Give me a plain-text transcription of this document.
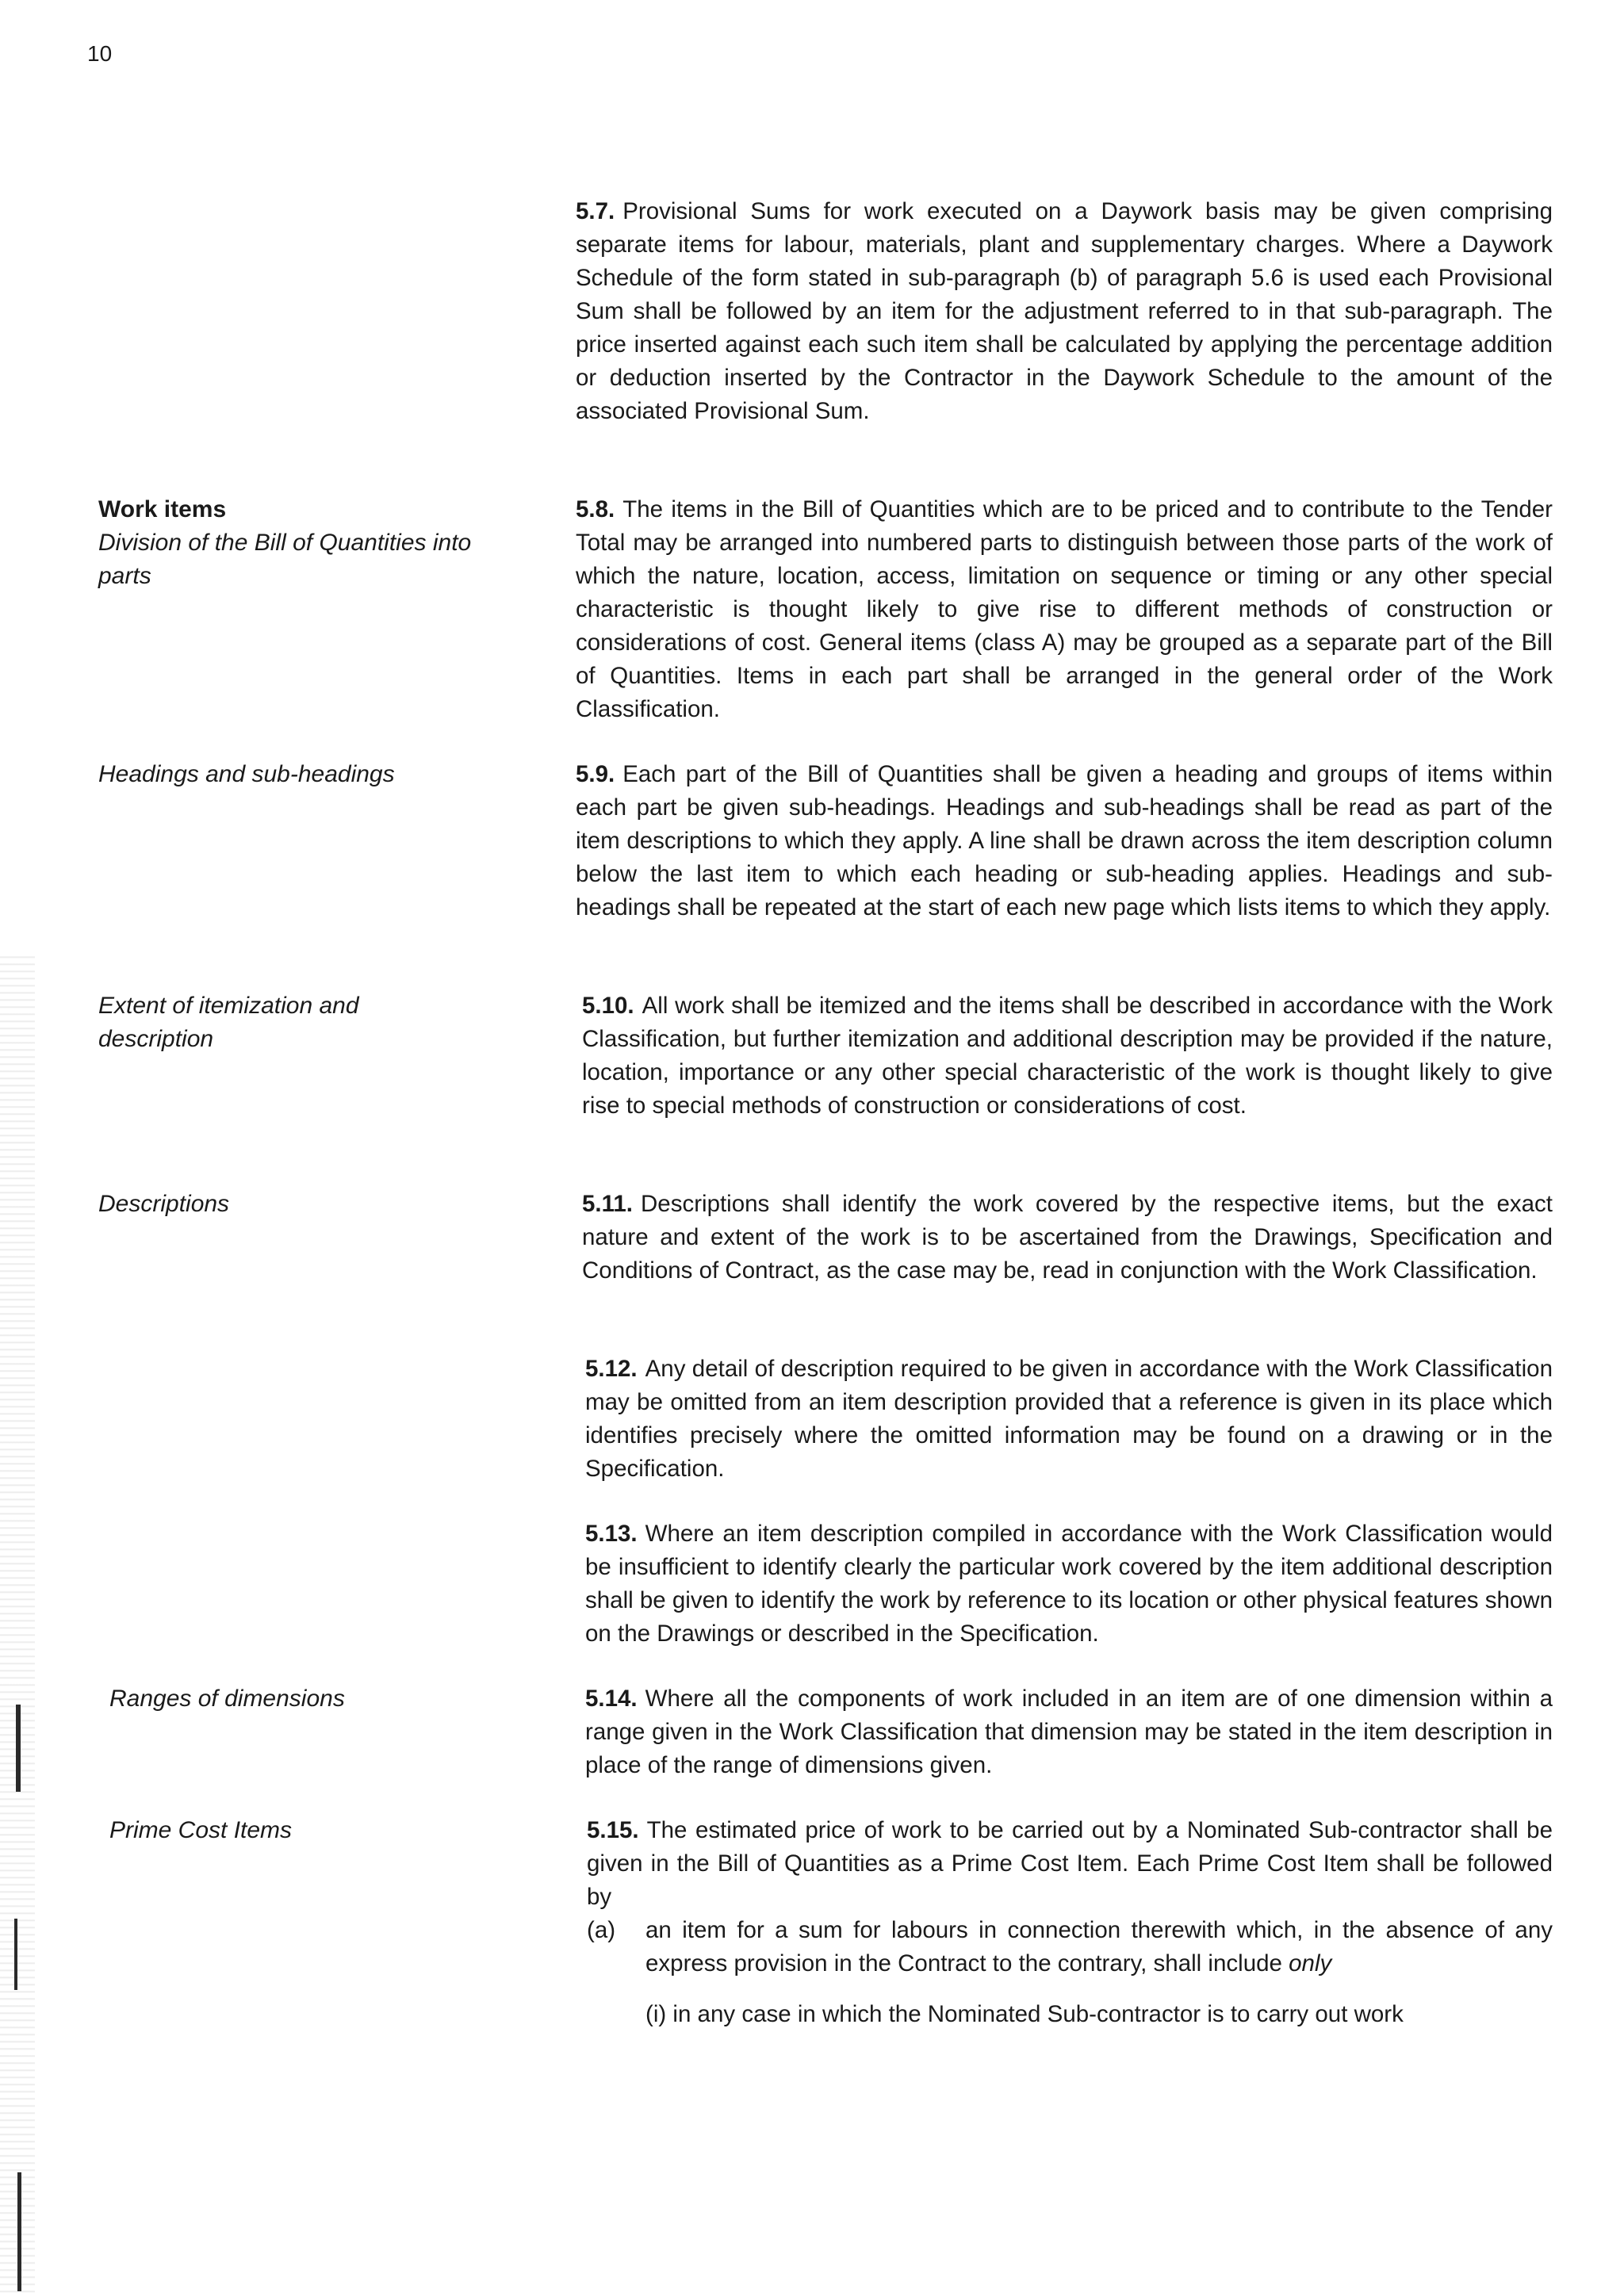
10
Work items
Division of the Bill of Quantities into parts
Headings and sub-headings
Extent of itemization and description
Descriptions
Ranges of dimensions
Prime Cost Items
5.7. Provisional Sums for work executed on a Daywork basis may be given comprising separate items for labour, materials, plant and supplementary charges. Where a Daywork Schedule of the form stated in sub-paragraph (b) of paragraph 5.6 is used each Provisional Sum shall be followed by an item for the adjustment referred to in that sub-paragraph. The price inserted against each such item shall be calculated by applying the percentage addition or deduction inserted by the Contractor in the Daywork Schedule to the amount of the associated Provisional Sum.
5.8. The items in the Bill of Quantities which are to be priced and to contribute to the Tender Total may be arranged into numbered parts to distinguish between those parts of the work of which the nature, location, access, limitation on sequence or timing or any other special characteristic is thought likely to give rise to different methods of construction or considerations of cost. General items (class A) may be grouped as a separate part of the Bill of Quantities. Items in each part shall be arranged in the general order of the Work Classification.
5.9. Each part of the Bill of Quantities shall be given a heading and groups of items within each part be given sub-headings. Headings and sub-headings shall be read as part of the item descriptions to which they apply. A line shall be drawn across the item description column below the last item to which each heading or sub-heading applies. Headings and sub-headings shall be repeated at the start of each new page which lists items to which they apply.
5.10. All work shall be itemized and the items shall be described in accordance with the Work Classification, but further itemization and additional description may be provided if the nature, location, importance or any other special characteristic of the work is thought likely to give rise to special methods of construction or considerations of cost.
5.11. Descriptions shall identify the work covered by the respective items, but the exact nature and extent of the work is to be ascertained from the Drawings, Specification and Conditions of Contract, as the case may be, read in conjunction with the Work Classification.
5.12. Any detail of description required to be given in accordance with the Work Classification may be omitted from an item description provided that a reference is given in its place which identifies precisely where the omitted information may be found on a drawing or in the Specification.
5.13. Where an item description compiled in accordance with the Work Classification would be insufficient to identify clearly the particular work covered by the item additional description shall be given to identify the work by reference to its location or other physical features shown on the Drawings or described in the Specification.
5.14. Where all the components of work included in an item are of one dimension within a range given in the Work Classification that dimension may be stated in the item description in place of the range of dimensions given.
5.15. The estimated price of work to be carried out by a Nominated Sub-contractor shall be given in the Bill of Quantities as a Prime Cost Item. Each Prime Cost Item shall be followed by
(a) an item for a sum for labours in connection therewith which, in the absence of any express provision in the Contract to the contrary, shall include only
(i) in any case in which the Nominated Sub-contractor is to carry out work
